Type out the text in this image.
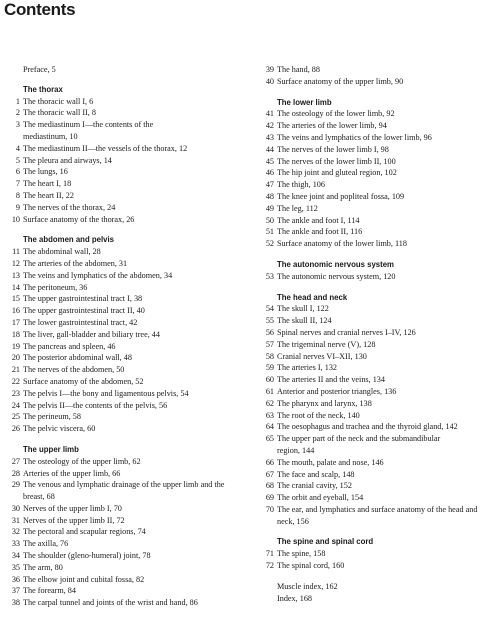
Contents
Preface, 5
The thorax
1 The thoracic wall I, 6
2 The thoracic wall II, 8
3 The mediastinum I—the contents of the
mediastinum, 10
4 The mediastinum II—the vessels of the thorax, 12
5 The pleura and airways, 14
6 The lungs, 16
7 The heart I, 18
8 The heart II, 22
9 The nerves of the thorax, 24
10 Surface anatomy of the thorax, 26
The abdomen and pelvis
11 The abdominal wall, 28
12 The arteries of the abdomen, 31
13 The veins and lymphatics of the abdomen, 34
14 The peritoneum, 36
15 The upper gastrointestinal tract I, 38
16 The upper gastrointestinal tract II, 40
17 The lower gastrointestinal tract, 42
18 The liver, gall-bladder and biliary tree, 44
19 The pancreas and spleen, 46
20 The posterior abdominal wall, 48
21 The nerves of the abdomen, 50
22 Surface anatomy of the abdomen, 52
23 The pelvis I—the bony and ligamentous pelvis, 54
24 The pelvis II—the contents of the pelvis, 56
25 The perineum, 58
26 The pelvic viscera, 60
The upper limb
27 The osteology of the upper limb, 62
28 Arteries of the upper limb, 66
29 The venous and lymphatic drainage of the upper limb and the
breast, 68
30 Nerves of the upper limb I, 70
31 Nerves of the upper limb II, 72
32 The pectoral and scapular regions, 74
33 The axilla, 76
34 The shoulder (gleno-humeral) joint, 78
35 The arm, 80
36 The elbow joint and cubital fossa, 82
37 The forearm, 84
38 The carpal tunnel and joints of the wrist and hand, 86
39 The hand, 88
40 Surface anatomy of the upper limb, 90
The lower limb
41 The osteology of the lower limb, 92
42 The arteries of the lower limb, 94
43 The veins and lymphatics of the lower limb, 96
44 The nerves of the lower limb I, 98
45 The nerves of the lower limb II, 100
46 The hip joint and gluteal region, 102
47 The thigh, 106
48 The knee joint and popliteal fossa, 109
49 The leg, 112
50 The ankle and foot I, 114
51 The ankle and foot II, 116
52 Surface anatomy of the lower limb, 118
The autonomic nervous system
53 The autonomic nervous system, 120
The head and neck
54 The skull I, 122
55 The skull II, 124
56 Spinal nerves and cranial nerves I–IV, 126
57 The trigeminal nerve (V), 128
58 Cranial nerves VI–XII, 130
59 The arteries I, 132
60 The arteries II and the veins, 134
61 Anterior and posterior triangles, 136
62 The pharynx and larynx, 138
63 The root of the neck, 140
64 The oesophagus and trachea and the thyroid gland, 142
65 The upper part of the neck and the submandibular
region, 144
66 The mouth, palate and nose, 146
67 The face and scalp, 148
68 The cranial cavity, 152
69 The orbit and eyeball, 154
70 The ear, and lymphatics and surface anatomy of the head and
neck, 156
The spine and spinal cord
71 The spine, 158
72 The spinal cord, 160
Muscle index, 162
Index, 168
